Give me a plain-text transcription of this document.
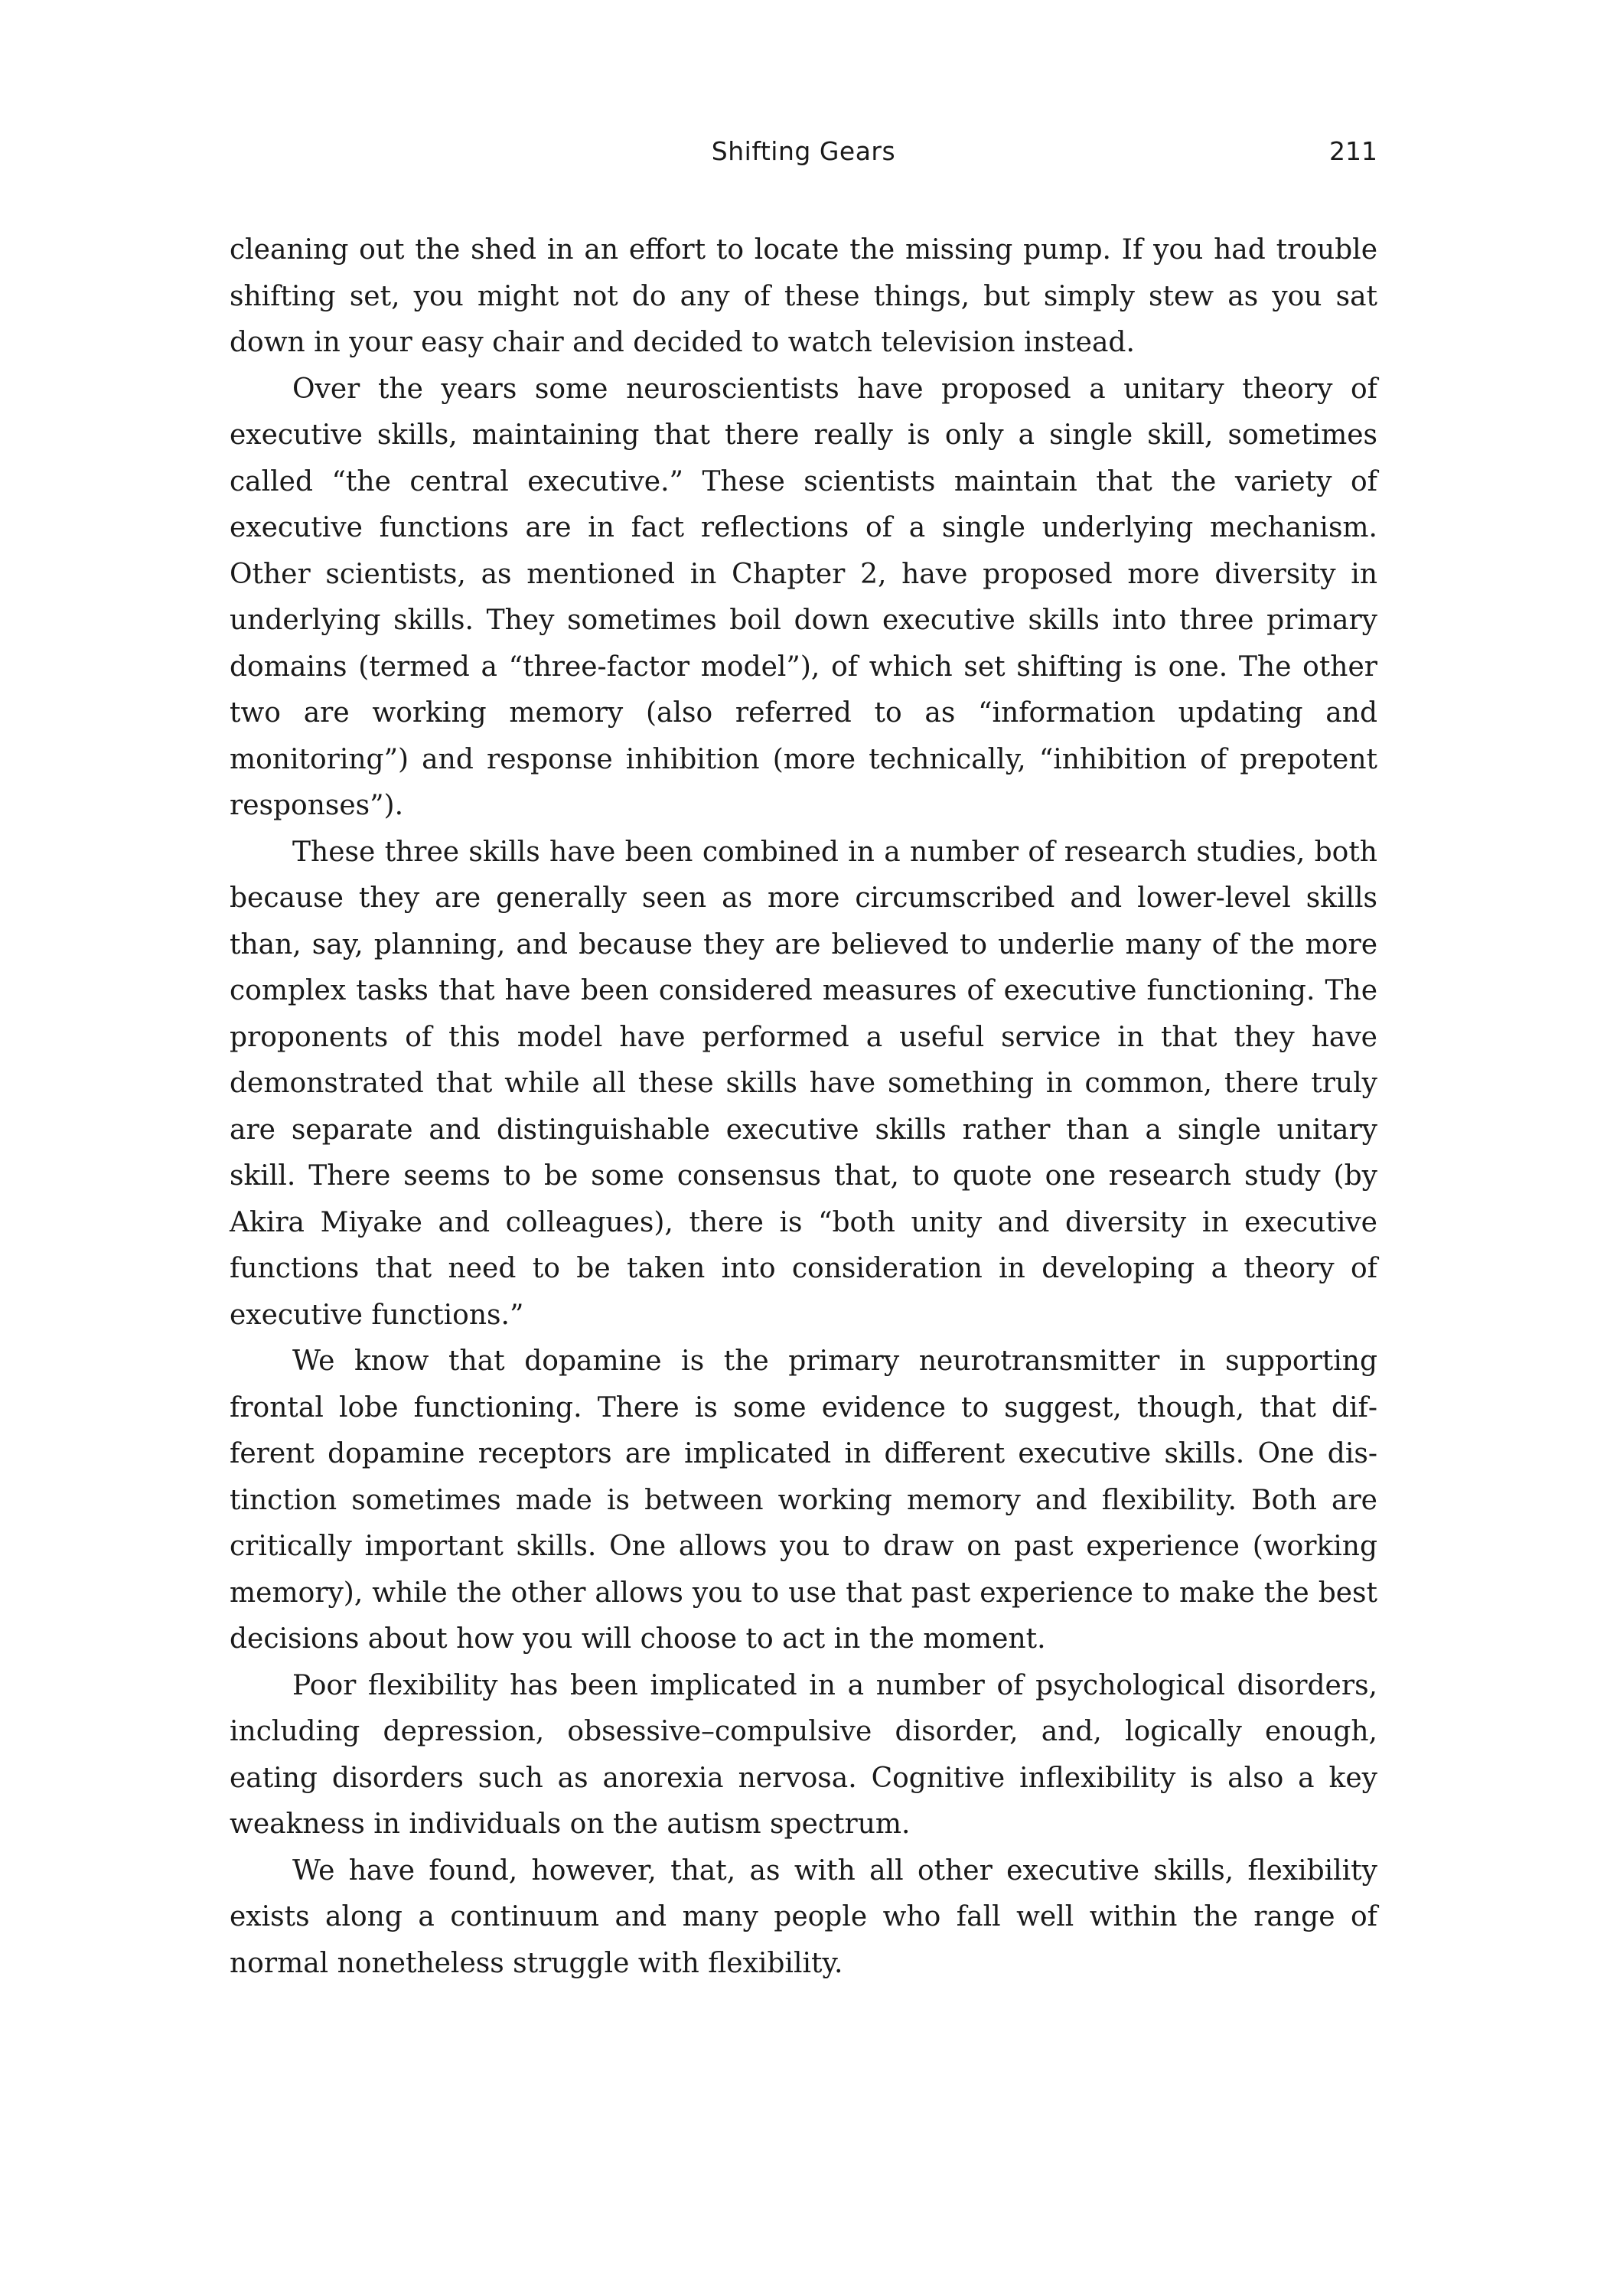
Shifting Gears	211

cleaning out the shed in an effort to locate the missing pump. If you had trouble shifting set, you might not do any of these things, but simply stew as you sat down in your easy chair and decided to watch television instead.

Over the years some neuroscientists have proposed a unitary theory of executive skills, maintaining that there really is only a single skill, sometimes called “the central executive.” These scientists maintain that the variety of executive functions are in fact reflections of a single underlying mechanism. Other scientists, as mentioned in Chapter 2, have proposed more diversity in underlying skills. They sometimes boil down executive skills into three primary domains (termed a “three-factor model”), of which set shifting is one. The other two are working memory (also referred to as “information updating and monitoring”) and response inhibition (more technically, “inhibition of prepotent responses”).

These three skills have been combined in a number of research studies, both because they are generally seen as more circumscribed and lower-level skills than, say, planning, and because they are believed to underlie many of the more complex tasks that have been considered measures of executive functioning. The proponents of this model have performed a useful service in that they have demonstrated that while all these skills have something in common, there truly are separate and distinguishable executive skills rather than a single unitary skill. There seems to be some consensus that, to quote one research study (by Akira Miyake and colleagues), there is “both unity and diversity in executive functions that need to be taken into consideration in developing a theory of executive functions.”

We know that dopamine is the primary neurotransmitter in supporting frontal lobe functioning. There is some evidence to suggest, though, that different dopamine receptors are implicated in different executive skills. One distinction sometimes made is between working memory and flexibility. Both are critically important skills. One allows you to draw on past experience (working memory), while the other allows you to use that past experience to make the best decisions about how you will choose to act in the moment.

Poor flexibility has been implicated in a number of psychological disorders, including depression, obsessive–compulsive disorder, and, logically enough, eating disorders such as anorexia nervosa. Cognitive inflexibility is also a key weakness in individuals on the autism spectrum.

We have found, however, that, as with all other executive skills, flexibility exists along a continuum and many people who fall well within the range of normal nonetheless struggle with flexibility.
